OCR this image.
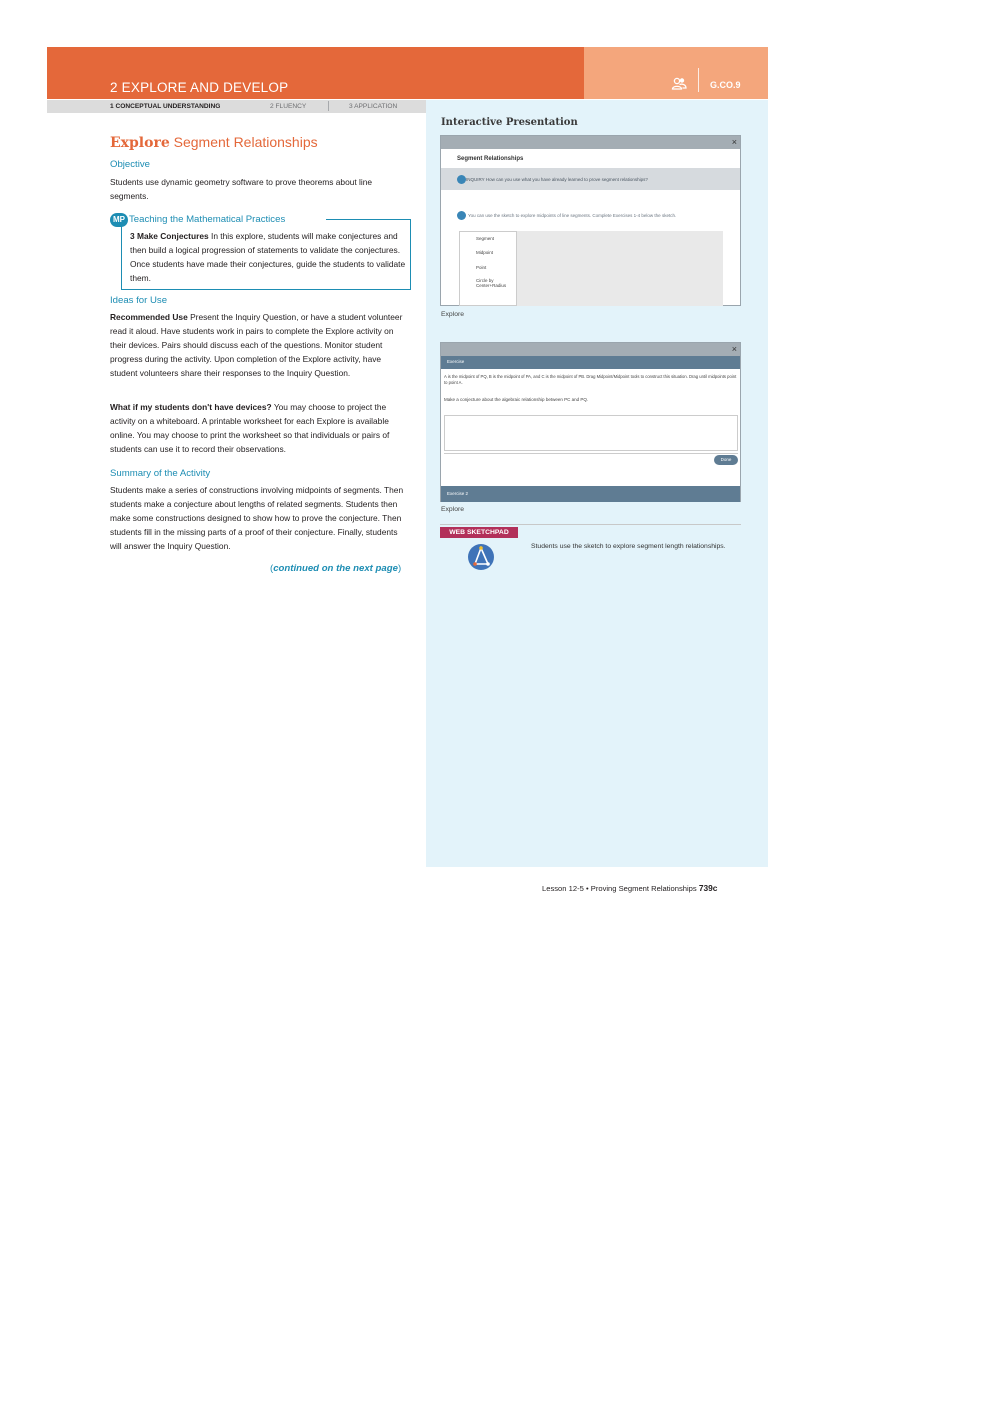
2 EXPLORE AND DEVELOP	G.CO.9
1 CONCEPTUAL UNDERSTANDING	2 FLUENCY	3 APPLICATION
Explore Segment Relationships
Objective
Students use dynamic geometry software to prove theorems about line segments.
MP Teaching the Mathematical Practices
3 Make Conjectures In this explore, students will make conjectures and then build a logical progression of statements to validate the conjectures. Once students have made their conjectures, guide the students to validate them.
Ideas for Use
Recommended Use Present the Inquiry Question, or have a student volunteer read it aloud. Have students work in pairs to complete the Explore activity on their devices. Pairs should discuss each of the questions. Monitor student progress during the activity. Upon completion of the Explore activity, have student volunteers share their responses to the Inquiry Question.
What if my students don't have devices? You may choose to project the activity on a whiteboard. A printable worksheet for each Explore is available online. You may choose to print the worksheet so that individuals or pairs of students can use it to record their observations.
Summary of the Activity
Students make a series of constructions involving midpoints of segments. Then students make a conjecture about lengths of related segments. Students then make some constructions designed to show how to prove the conjecture. Then students fill in the missing parts of a proof of their conjecture. Finally, students will answer the Inquiry Question.
(continued on the next page)
Interactive Presentation
×
Segment Relationships
INQUIRY How can you use what you have already learned to prove segment relationships?
You can use the sketch to explore midpoints of line segments. Complete Exercises 1-4 below the sketch.
Segment
Midpoint
Point
Circle by Center+Radius
Explore
×
Exercise
A is the midpoint of PQ, B is the midpoint of PA, and C is the midpoint of PB. Drag Midpoint/Midpoint tools to construct this situation. Drag until midpoints point to point A.
Make a conjecture about the algebraic relationship between PC and PQ.
Done
Exercise 2
Explore
WEB SKETCHPAD
Students use the sketch to explore segment length relationships.
Lesson 12-5 • Proving Segment Relationships 739c
